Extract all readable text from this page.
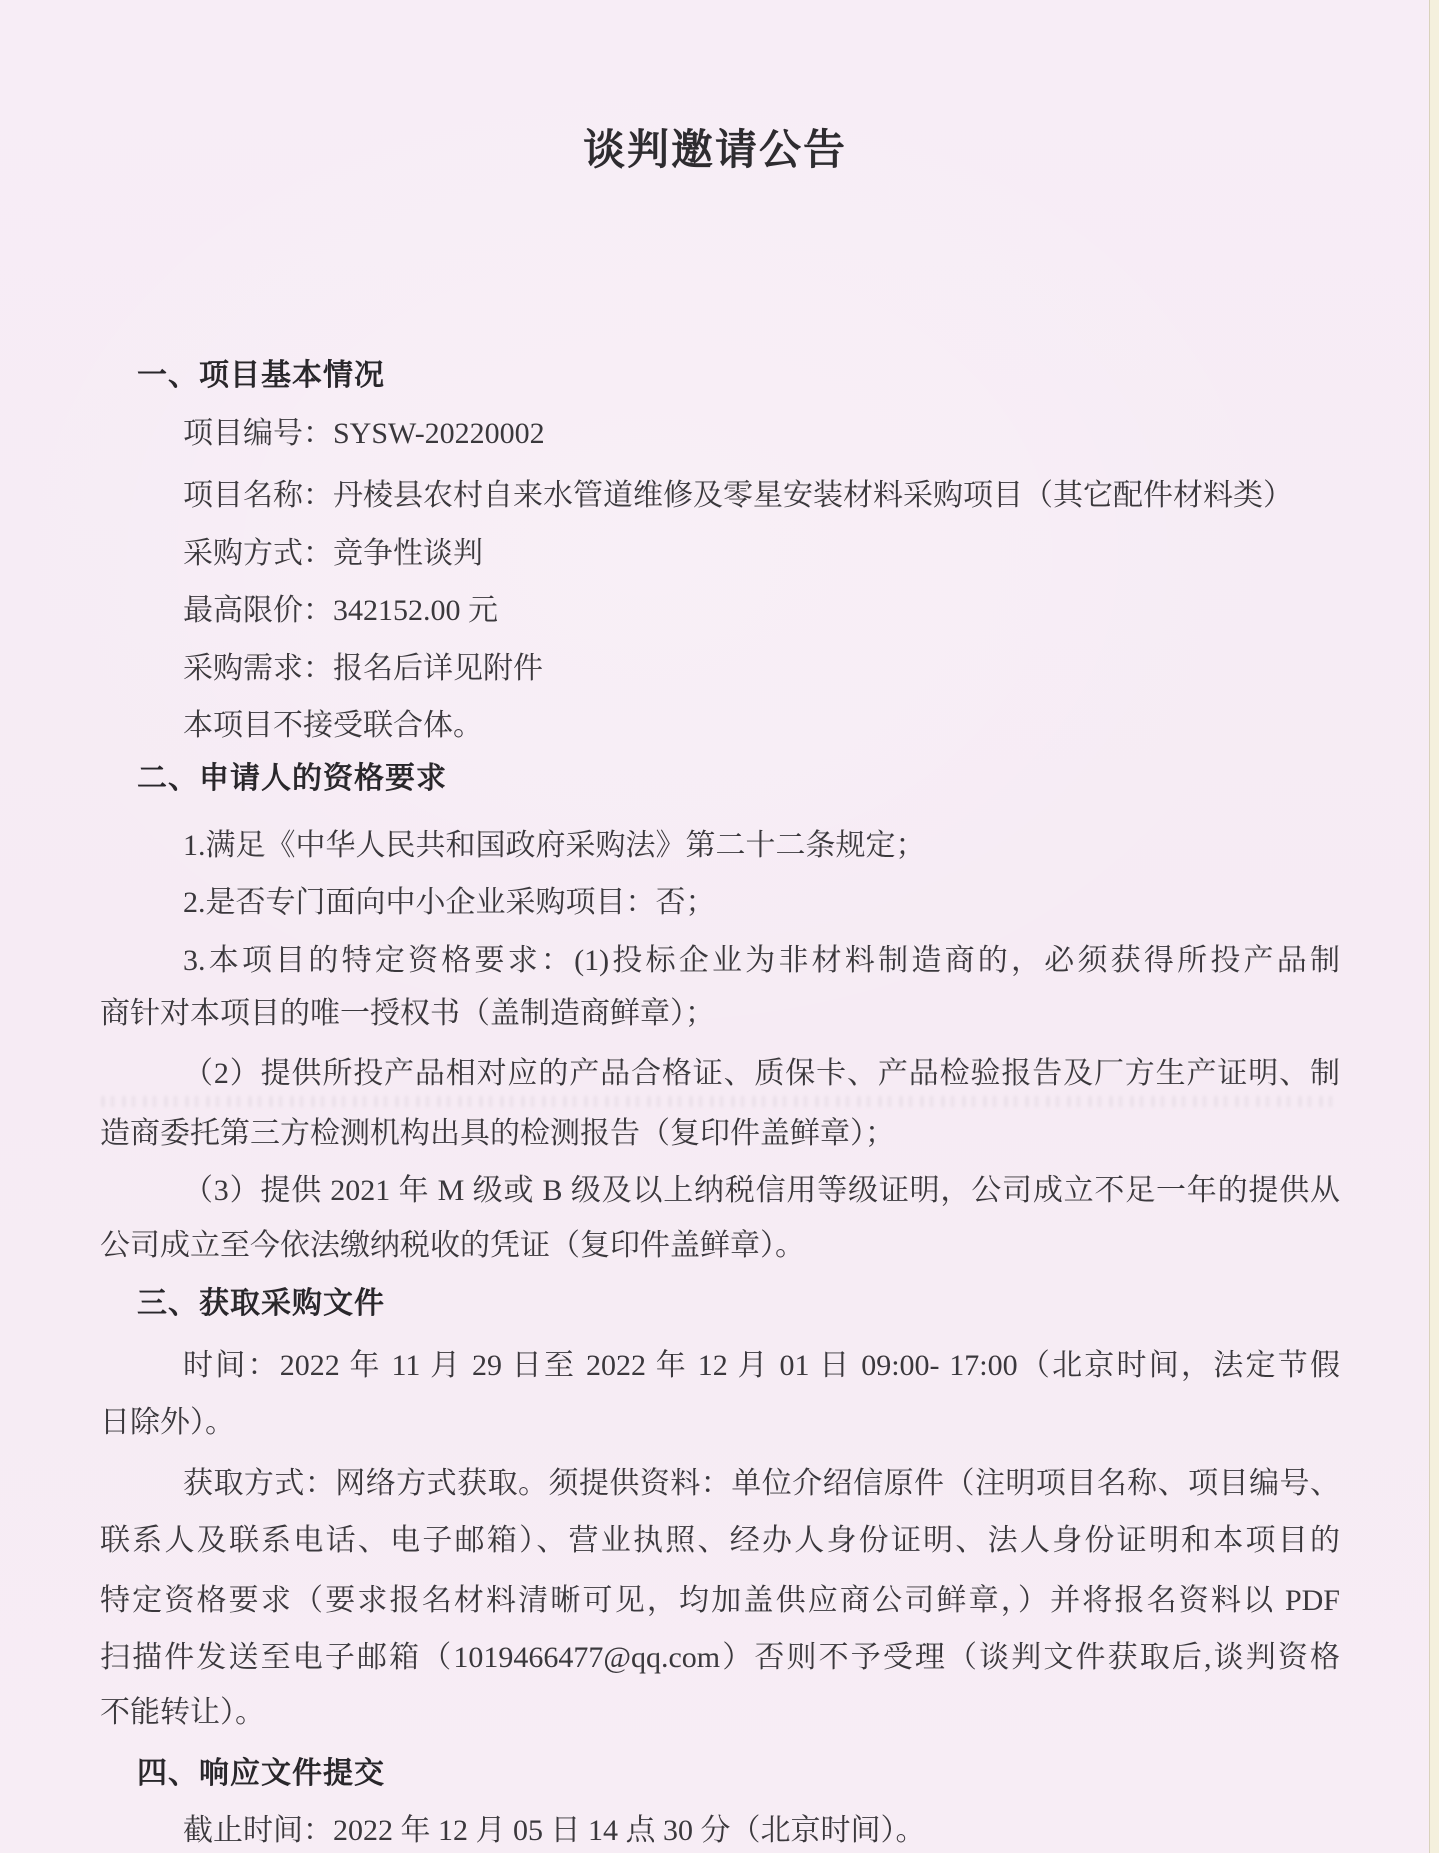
谈判邀请公告
一、项目基本情况
项目编号：SYSW-20220002
项目名称：丹棱县农村自来水管道维修及零星安装材料采购项目（其它配件材料类）
采购方式：竞争性谈判
最高限价：342152.00 元
采购需求：报名后详见附件
本项目不接受联合体。
二、申请人的资格要求
1.满足《中华人民共和国政府采购法》第二十二条规定；
2.是否专门面向中小企业采购项目：否；
3.本项目的特定资格要求：(1)投标企业为非材料制造商的，必须获得所投产品制
商针对本项目的唯一授权书（盖制造商鲜章）；
（2）提供所投产品相对应的产品合格证、质保卡、产品检验报告及厂方生产证明、制
造商委托第三方检测机构出具的检测报告（复印件盖鲜章）；
（3）提供 2021 年 M 级或 B 级及以上纳税信用等级证明，公司成立不足一年的提供从
公司成立至今依法缴纳税收的凭证（复印件盖鲜章）。
三、获取采购文件
时间：2022 年 11 月 29 日至 2022 年 12 月 01 日 09:00- 17:00（北京时间，法定节假
日除外）。
获取方式：网络方式获取。须提供资料：单位介绍信原件（注明项目名称、项目编号、
联系人及联系电话、电子邮箱）、营业执照、经办人身份证明、法人身份证明和本项目的
特定资格要求（要求报名材料清晰可见，均加盖供应商公司鲜章，）并将报名资料以 PDF
扫描件发送至电子邮箱（1019466477@qq.com）否则不予受理（谈判文件获取后,谈判资格
不能转让）。
四、响应文件提交
截止时间：2022 年 12 月 05 日 14 点 30 分（北京时间）。
